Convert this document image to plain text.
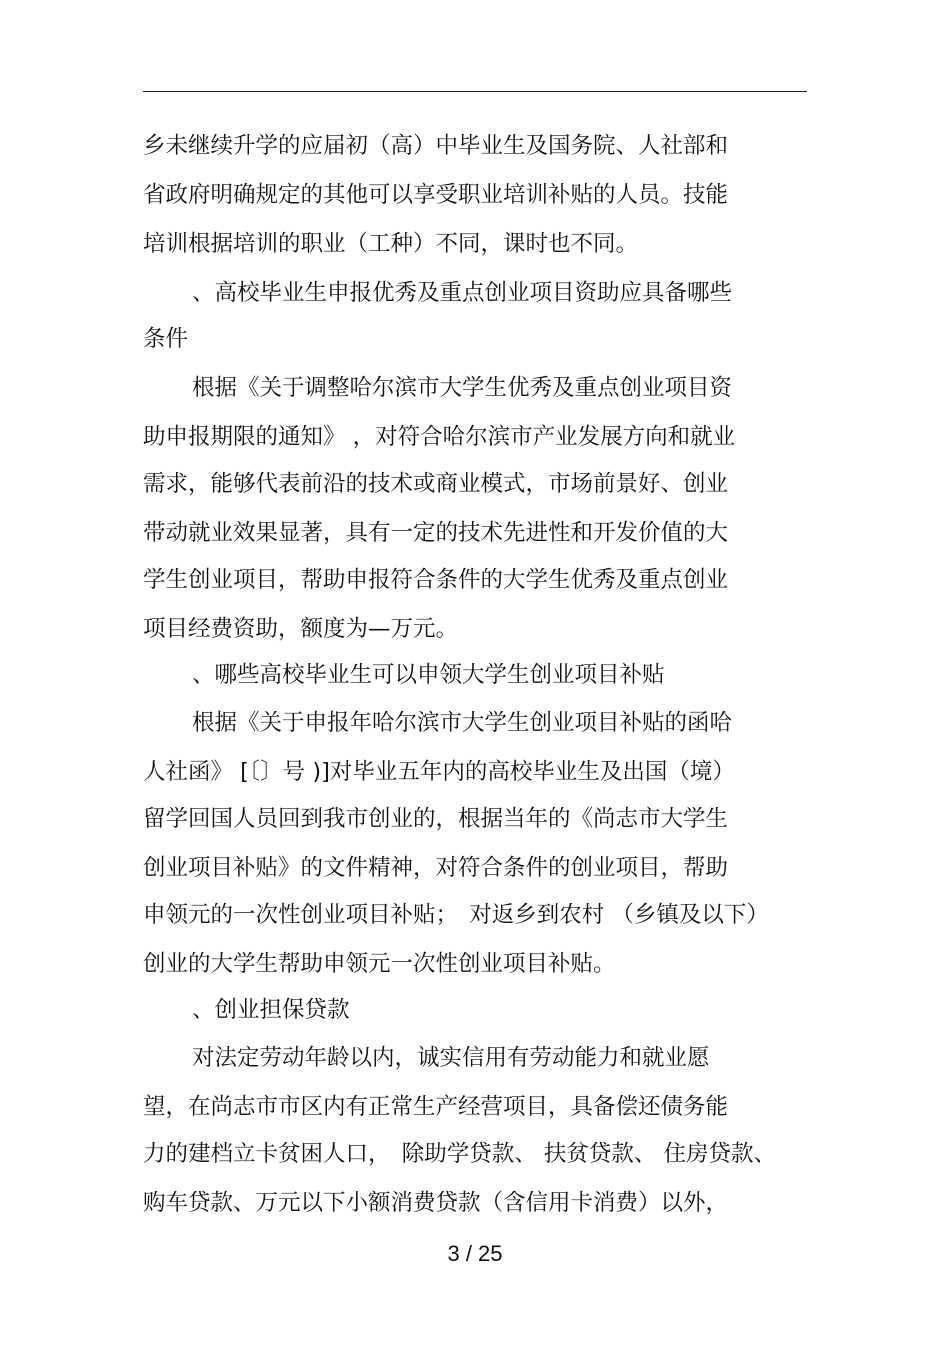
乡未继续升学的应届初（高）中毕业生及国务院、人社部和
省政府明确规定的其他可以享受职业培训补贴的人员。技能
培训根据培训的职业（工种）不同，课时也不同。
、高校毕业生申报优秀及重点创业项目资助应具备哪些
条件
根据《关于调整哈尔滨市大学生优秀及重点创业项目资
助申报期限的通知》 ，对符合哈尔滨市产业发展方向和就业
需求，能够代表前沿的技术或商业模式，市场前景好、创业
带动就业效果显著，具有一定的技术先进性和开发价值的大
学生创业项目，帮助申报符合条件的大学生优秀及重点创业
项目经费资助，额度为—万元。
、哪些高校毕业生可以申领大学生创业项目补贴
根据《关于申报年哈尔滨市大学生创业项目补贴的函哈
人社函》 [〔〕号 )]对毕业五年内的高校毕业生及出国（境）
留学回国人员回到我市创业的，根据当年的《尚志市大学生
创业项目补贴》的文件精神，对符合条件的创业项目，帮助
申领元的一次性创业项目补贴；　对返乡到农村 （乡镇及以下）
创业的大学生帮助申领元一次性创业项目补贴。
、创业担保贷款
对法定劳动年龄以内，诚实信用有劳动能力和就业愿
望，在尚志市市区内有正常生产经营项目，具备偿还债务能
力的建档立卡贫困人口，　除助学贷款、 扶贫贷款、 住房贷款、
购车贷款、万元以下小额消费贷款（含信用卡消费）以外，
3 / 25
